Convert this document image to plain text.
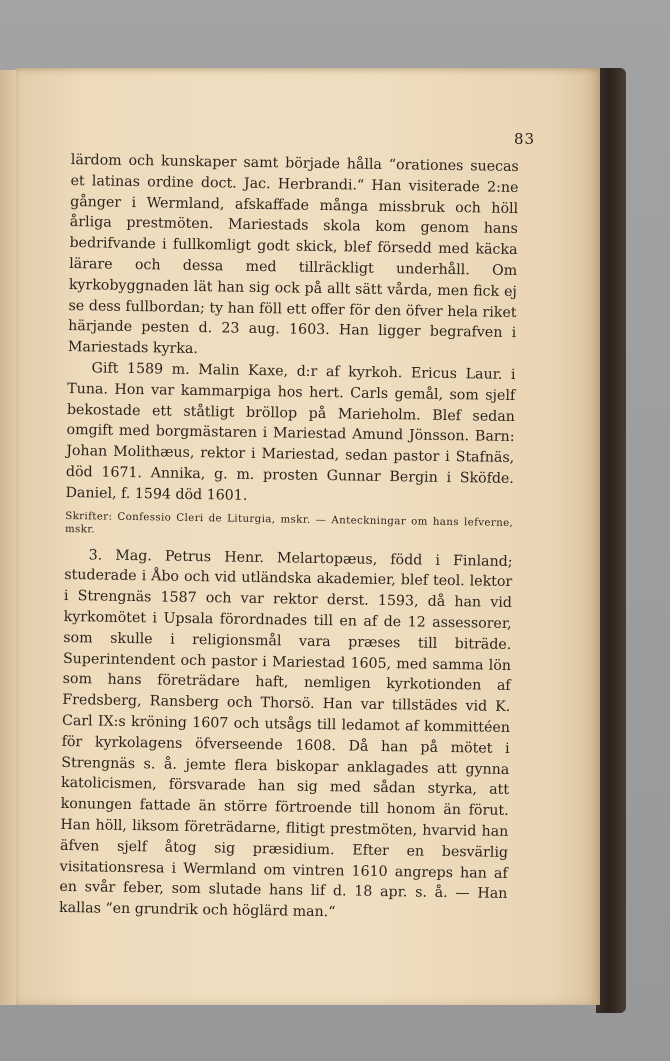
83

lärdom och kunskaper samt började hålla “orationes suecas et latinas ordine doct. Jac. Herbrandi.“ Han visiterade 2:ne gånger i Wermland, afskaffade många missbruk och höll årliga prestmöten. Mariestads skola kom genom hans bedrifvande i fullkomligt godt skick, blef försedd med käcka lärare och dessa med tillräckligt underhåll. Om kyrkobyggnaden lät han sig ock på allt sätt vårda, men fick ej se dess fullbordan; ty han föll ett offer för den öfver hela riket härjande pesten d. 23 aug. 1603. Han ligger begrafven i Mariestads kyrka.

Gift 1589 m. Malin Kaxe, d:r af kyrkoh. Ericus Laur. i Tuna. Hon var kammarpiga hos hert. Carls gemål, som sjelf bekostade ett ståtligt bröllop på Marieholm. Blef sedan omgift med borgmästaren i Mariestad Amund Jönsson. Barn: Johan Molithæus, rektor i Mariestad, sedan pastor i Stafnäs, död 1671. Annika, g. m. prosten Gunnar Bergin i Sköfde. Daniel, f. 1594 död 1601.

Skrifter: Confessio Cleri de Liturgia, mskr. — Anteckningar om hans lefverne, mskr.

3. Mag. Petrus Henr. Melartopæus, född i Finland; studerade i Åbo och vid utländska akademier, blef teol. lektor i Strengnäs 1587 och var rektor derst. 1593, då han vid kyrkomötet i Upsala förordnades till en af de 12 assessorer, som skulle i religionsmål vara præses till biträde. Superintendent och pastor i Mariestad 1605, med samma lön som hans företrädare haft, nemligen kyrkotionden af Fredsberg, Ransberg och Thorsö. Han var tillstädes vid K. Carl IX:s kröning 1607 och utsågs till ledamot af kommittéen för kyrkolagens öfverseende 1608. Då han på mötet i Strengnäs s. å. jemte flera biskopar anklagades att gynna katolicismen, försvarade han sig med sådan styrka, att konungen fattade än större förtroende till honom än förut. Han höll, liksom företrädarne, flitigt prestmöten, hvarvid han äfven sjelf åtog sig præsidium. Efter en besvärlig visitationsresa i Wermland om vintren 1610 angreps han af en svår feber, som slutade hans lif d. 18 apr. s. å. — Han kallas “en grundrik och höglärd man.“
